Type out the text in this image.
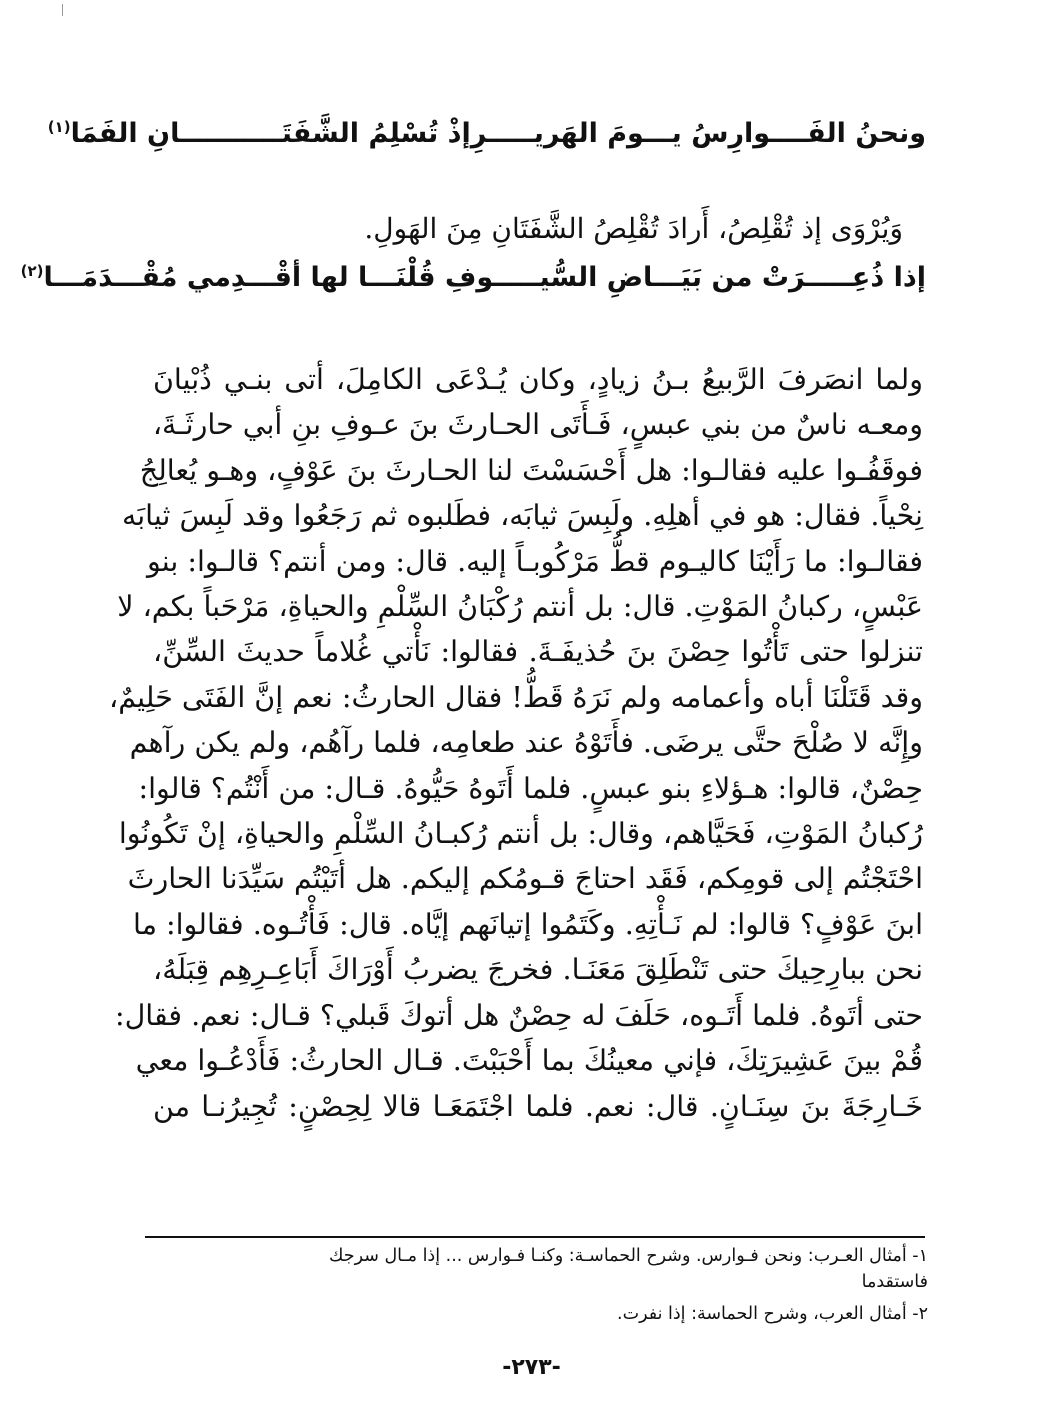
ونحنُ الفَــــوارِسُ يـــومَ الهَريـــــرِ
إذْ تُسْلِمُ الشَّفَتَـــــــــــانِ الفَمَا$^{(١)}$
وَيُرْوَى إذ تُقْلِصُ، أَرادَ تُقْلِصُ الشَّفَتَانِ مِنَ الهَولِ.
إذا ذُعِـــــرَتْ من بَيَـــاضِ السُّيـــــو
فِ قُلْنَـــا لها أقْـــدِمي مُقْـــدَمَـــا$^{(٢)}$
ولما انصَرفَ الرَّبيعُ بـنُ زيادٍ، وكان يُـدْعَى الكامِلَ، أتى بنـي ذُبْيانَ
ومعـه ناسٌ من بني عبسٍ، فَـأَتَى الحـارثَ بنَ عـوفِ بنِ أبي حارثَـةَ،
فوقَفُـوا عليه فقالـوا: هل أَحْسَسْتَ لنا الحـارثَ بنَ عَوْفٍ، وهـو يُعالِجُ
نِحْياً. فقال: هو في أهلِهِ. ولَبِسَ ثيابَه، فطَلبوه ثم رَجَعُوا وقد لَبِسَ ثيابَه
فقالـوا: ما رَأَيْنَا كاليـوم قطُّ مَرْكُوبـاً إليه. قال: ومن أنتم؟ قالـوا: بنو
عَبْسٍ، ركبانُ المَوْتِ. قال: بل أنتم رُكْبَانُ السِّلْمِ والحياةِ، مَرْحَباً بكم، لا
تنزلوا حتى تَأْتُوا حِصْنَ بنَ حُذيفَـةَ. فقالوا: نَأْتي غُلاماً حديثَ السِّنِّ،
وقد قَتَلْنَا أباه وأعمامه ولم نَرَهُ قَطُّ! فقال الحارثُ: نعم إنَّ الفَتَى حَلِيمٌ،
وإِنَّه لا صُلْحَ حتَّى يرضَى. فأَتَوْهُ عند طعامِه، فلما رآهُم، ولم يكن رآهم
حِصْنٌ، قالوا: هـؤلاءِ بنو عبسٍ. فلما أَتَوهُ حَيُّوهُ. قـال: من أَنْتُم؟ قالوا:
رُكبانُ المَوْتِ، فَحَيَّاهم، وقال: بل أنتم رُكبـانُ السِّلْمِ والحياةِ، إنْ تَكُونُوا
احْتَجْتُم إلى قومِكم، فَقَد احتاجَ قـومُكم إليكم. هل أتَيْتُم سَيِّدَنا الحارثَ
ابنَ عَوْفٍ؟ قالوا: لم نَـأْتِهِ. وكَتَمُوا إتيانَهم إيَّاه. قال: فَأْتُـوه. فقالوا: ما
نحن ببارِحِيكَ حتى تَنْطَلِقَ مَعَنَـا. فخرجَ يضربُ أَوْرَاكَ أَبَاعِـرِهِم قِبَلَهُ،
حتى أتَوهُ. فلما أَتَـوه، حَلَفَ له حِصْنٌ هل أتوكَ قَبلي؟ قـال: نعم. فقال:
قُمْ بينَ عَشِيرَتِكَ، فإني معينُكَ بما أَحْبَبْتَ. قـال الحارثُ: فَأَدْعُـوا معي
خَـارِجَةَ بنَ سِنَـانٍ. قال: نعم. فلما اجْتَمَعَـا قالا لِحِصْنٍ: تُجِيرُنـا من
١- أمثال العـرب: ونحن فـوارس. وشرح الحماسـة: وكنـا فـوارس ... إذا مـال سرجك
فاستقدما
٢- أمثال العرب، وشرح الحماسة: إذا نفرت.
-٢٧٣-
